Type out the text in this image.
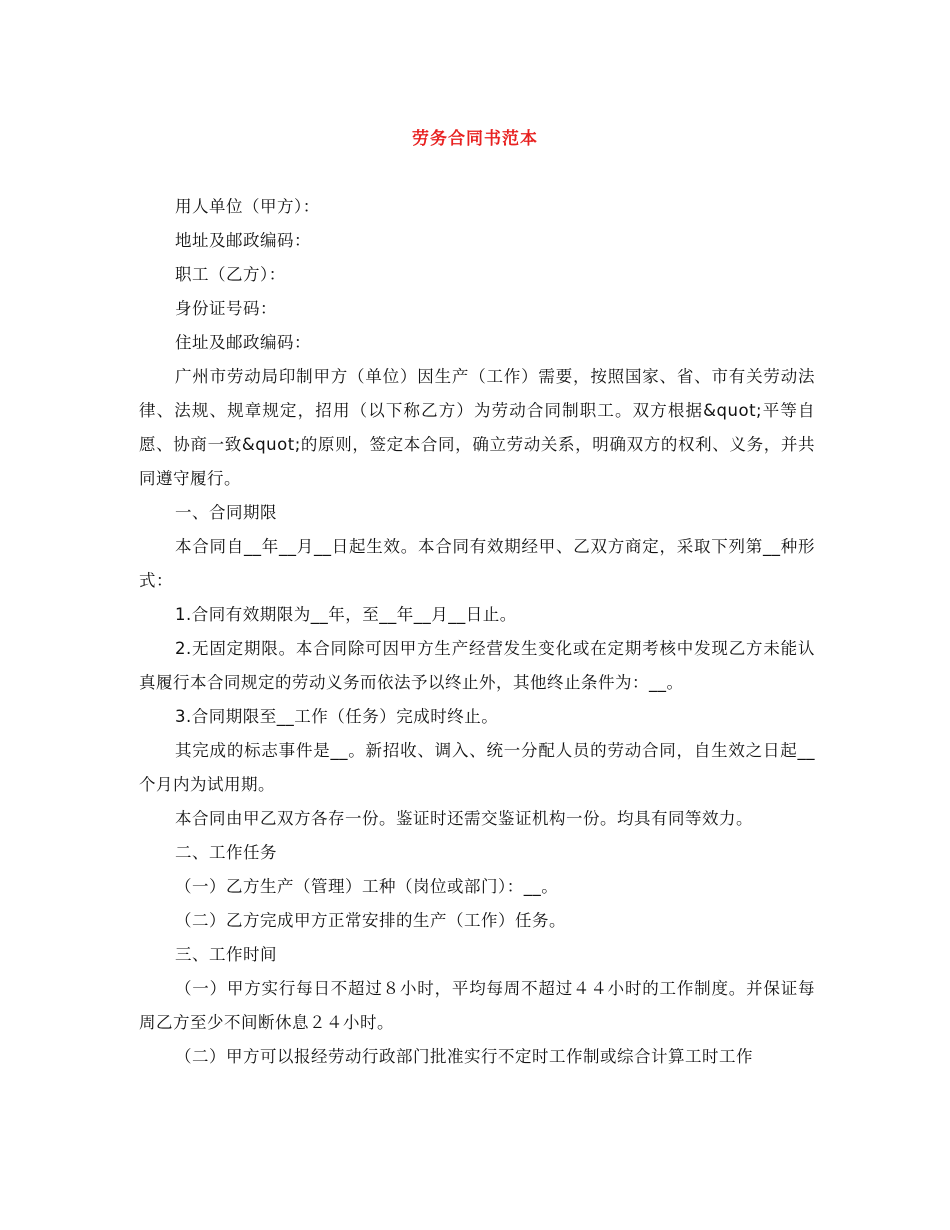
劳务合同书范本

用人单位（甲方）：

地址及邮政编码：

职工（乙方）：

身份证号码：

住址及邮政编码：

广州市劳动局印制甲方（单位）因生产（工作）需要，按照国家、省、市有关劳动法律、法规、规章规定，招用（以下称乙方）为劳动合同制职工。双方根据&quot;平等自愿、协商一致&quot;的原则，签定本合同，确立劳动关系，明确双方的权利、义务，并共同遵守履行。

一、合同期限

本合同自__年__月__日起生效。本合同有效期经甲、乙双方商定，采取下列第__种形式：

1.合同有效期限为__年，至__年__月__日止。

2.无固定期限。本合同除可因甲方生产经营发生变化或在定期考核中发现乙方未能认真履行本合同规定的劳动义务而依法予以终止外，其他终止条件为：__。

3.合同期限至__工作（任务）完成时终止。

其完成的标志事件是__。新招收、调入、统一分配人员的劳动合同，自生效之日起__个月内为试用期。

本合同由甲乙双方各存一份。鉴证时还需交鉴证机构一份。均具有同等效力。

二、工作任务

（一）乙方生产（管理）工种（岗位或部门）：__。

（二）乙方完成甲方正常安排的生产（工作）任务。

三、工作时间

（一）甲方实行每日不超过８小时，平均每周不超过４４小时的工作制度。并保证每周乙方至少不间断休息２４小时。

（二）甲方可以报经劳动行政部门批准实行不定时工作制或综合计算工时工作
